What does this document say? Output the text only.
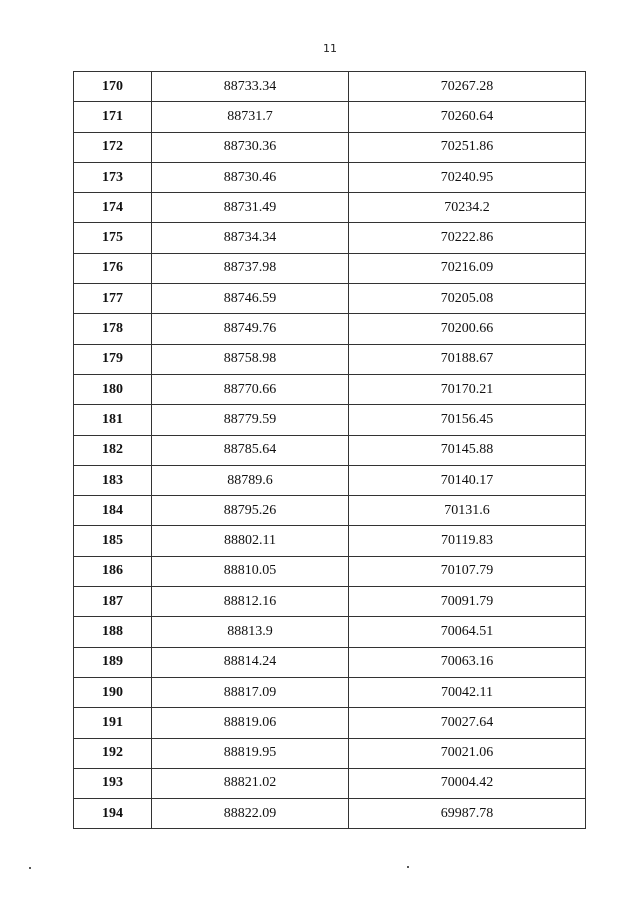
11
170	88733.34	70267.28
171	88731.7	70260.64
172	88730.36	70251.86
173	88730.46	70240.95
174	88731.49	70234.2
175	88734.34	70222.86
176	88737.98	70216.09
177	88746.59	70205.08
178	88749.76	70200.66
179	88758.98	70188.67
180	88770.66	70170.21
181	88779.59	70156.45
182	88785.64	70145.88
183	88789.6	70140.17
184	88795.26	70131.6
185	88802.11	70119.83
186	88810.05	70107.79
187	88812.16	70091.79
188	88813.9	70064.51
189	88814.24	70063.16
190	88817.09	70042.11
191	88819.06	70027.64
192	88819.95	70021.06
193	88821.02	70004.42
194	88822.09	69987.78
